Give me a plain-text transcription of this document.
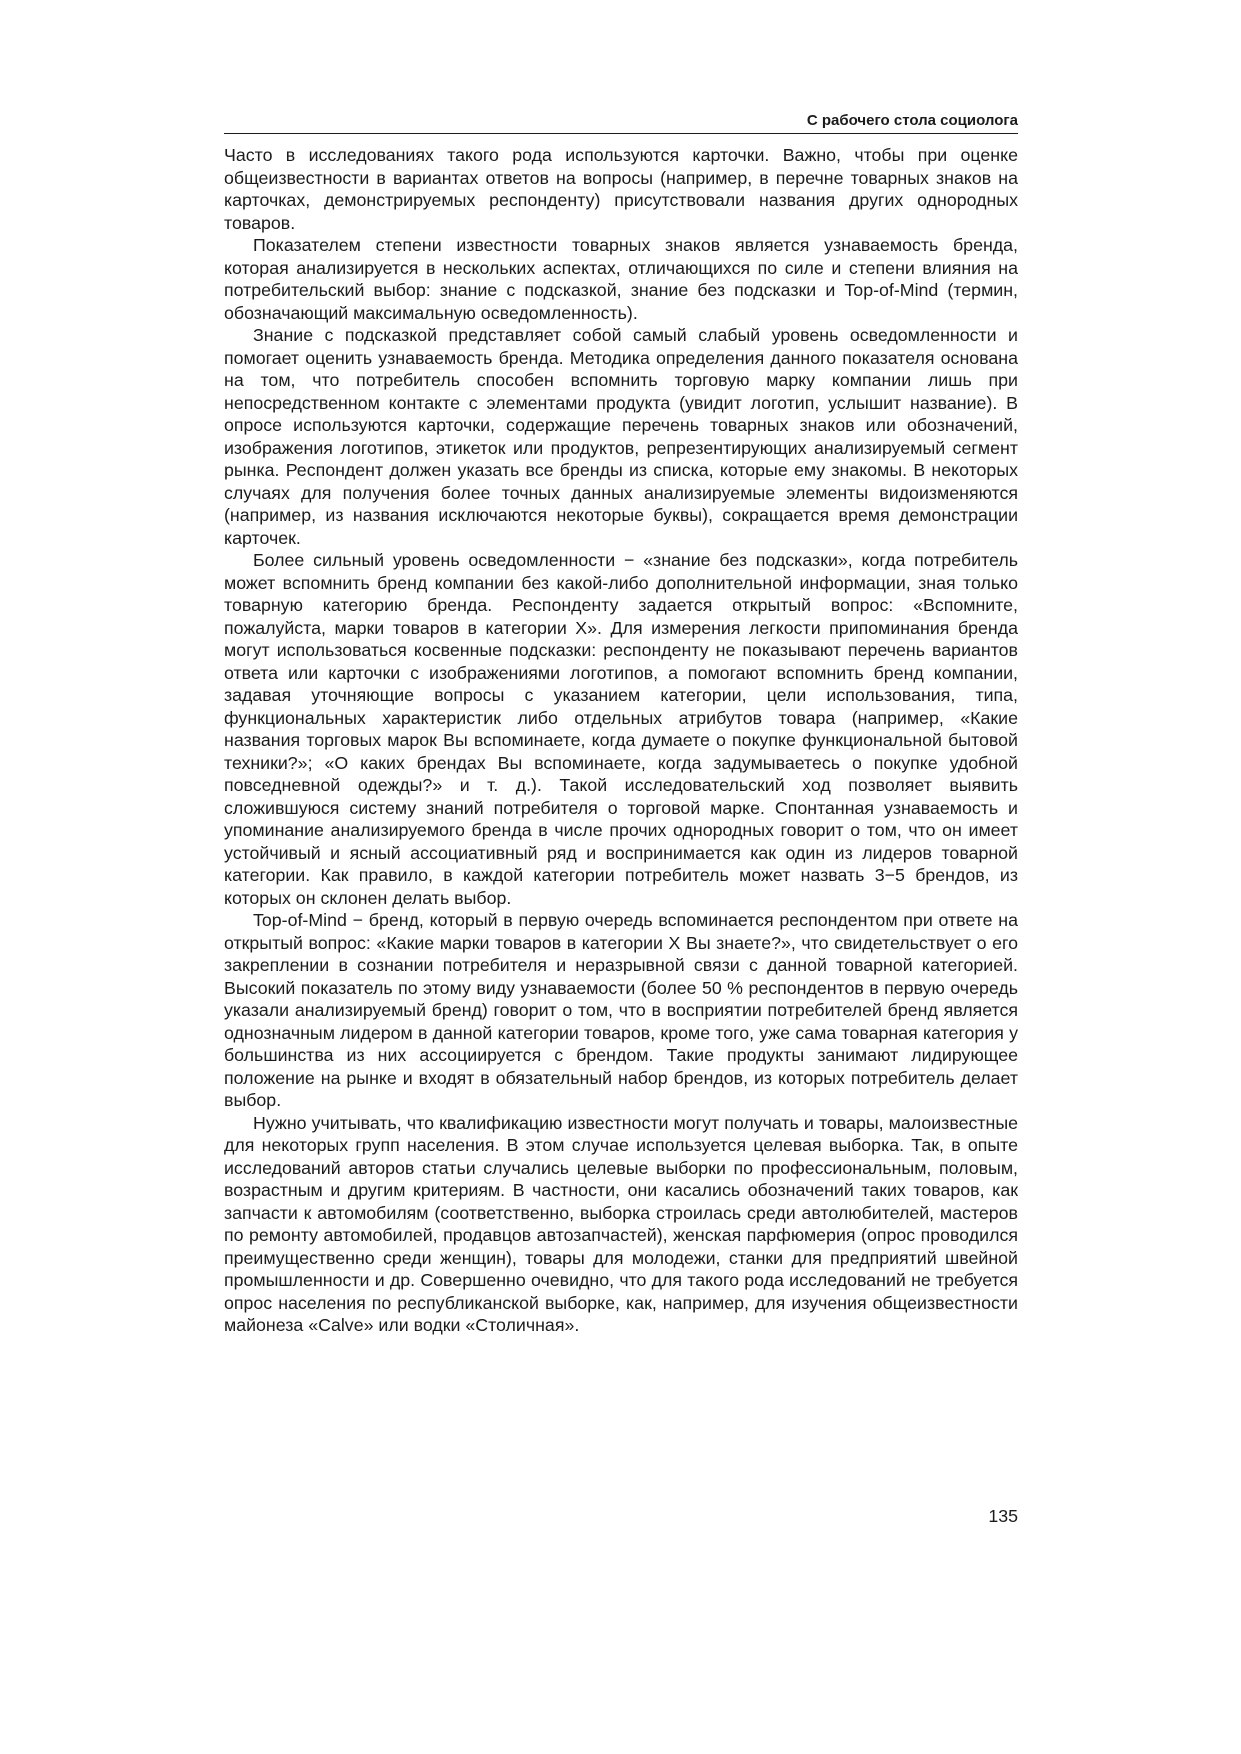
С рабочего стола социолога

Часто в исследованиях такого рода используются карточки. Важно, чтобы при оценке общеизвестности в вариантах ответов на вопросы (например, в перечне товарных знаков на карточках, демонстрируемых респонденту) присутствовали названия других однородных товаров.

Показателем степени известности товарных знаков является узнаваемость бренда, которая анализируется в нескольких аспектах, отличающихся по силе и степени влияния на потребительский выбор: знание с подсказкой, знание без подсказки и Top-of-Mind (термин, обозначающий максимальную осведомленность).

Знание с подсказкой представляет собой самый слабый уровень осведомленности и помогает оценить узнаваемость бренда. Методика определения данного показателя основана на том, что потребитель способен вспомнить торговую марку компании лишь при непосредственном контакте с элементами продукта (увидит логотип, услышит название). В опросе используются карточки, содержащие перечень товарных знаков или обозначений, изображения логотипов, этикеток или продуктов, репрезентирующих анализируемый сегмент рынка. Респондент должен указать все бренды из списка, которые ему знакомы. В некоторых случаях для получения более точных данных анализируемые элементы видоизменяются (например, из названия исключаются некоторые буквы), сокращается время демонстрации карточек.

Более сильный уровень осведомленности − «знание без подсказки», когда потребитель может вспомнить бренд компании без какой-либо дополнительной информации, зная только товарную категорию бренда. Респонденту задается открытый вопрос: «Вспомните, пожалуйста, марки товаров в категории X». Для измерения легкости припоминания бренда могут использоваться косвенные подсказки: респонденту не показывают перечень вариантов ответа или карточки с изображениями логотипов, а помогают вспомнить бренд компании, задавая уточняющие вопросы с указанием категории, цели использования, типа, функциональных характеристик либо отдельных атрибутов товара (например, «Какие названия торговых марок Вы вспоминаете, когда думаете о покупке функциональной бытовой техники?»; «О каких брендах Вы вспоминаете, когда задумываетесь о покупке удобной повседневной одежды?» и т. д.). Такой исследовательский ход позволяет выявить сложившуюся систему знаний потребителя о торговой марке. Спонтанная узнаваемость и упоминание анализируемого бренда в числе прочих однородных говорит о том, что он имеет устойчивый и ясный ассоциативный ряд и воспринимается как один из лидеров товарной категории. Как правило, в каждой категории потребитель может назвать 3−5 брендов, из которых он склонен делать выбор.

Top-of-Mind − бренд, который в первую очередь вспоминается респондентом при ответе на открытый вопрос: «Какие марки товаров в категории X Вы знаете?», что свидетельствует о его закреплении в сознании потребителя и неразрывной связи с данной товарной категорией. Высокий показатель по этому виду узнаваемости (более 50 % респондентов в первую очередь указали анализируемый бренд) говорит о том, что в восприятии потребителей бренд является однозначным лидером в данной категории товаров, кроме того, уже сама товарная категория у большинства из них ассоциируется с брендом. Такие продукты занимают лидирующее положение на рынке и входят в обязательный набор брендов, из которых потребитель делает выбор.

Нужно учитывать, что квалификацию известности могут получать и товары, малоизвестные для некоторых групп населения. В этом случае используется целевая выборка. Так, в опыте исследований авторов статьи случались целевые выборки по профессиональным, половым, возрастным и другим критериям. В частности, они касались обозначений таких товаров, как запчасти к автомобилям (соответственно, выборка строилась среди автолюбителей, мастеров по ремонту автомобилей, продавцов автозапчастей), женская парфюмерия (опрос проводился преимущественно среди женщин), товары для молодежи, станки для предприятий швейной промышленности и др. Совершенно очевидно, что для такого рода исследований не требуется опрос населения по республиканской выборке, как, например, для изучения общеизвестности майонеза «Calve» или водки «Столичная».

135
